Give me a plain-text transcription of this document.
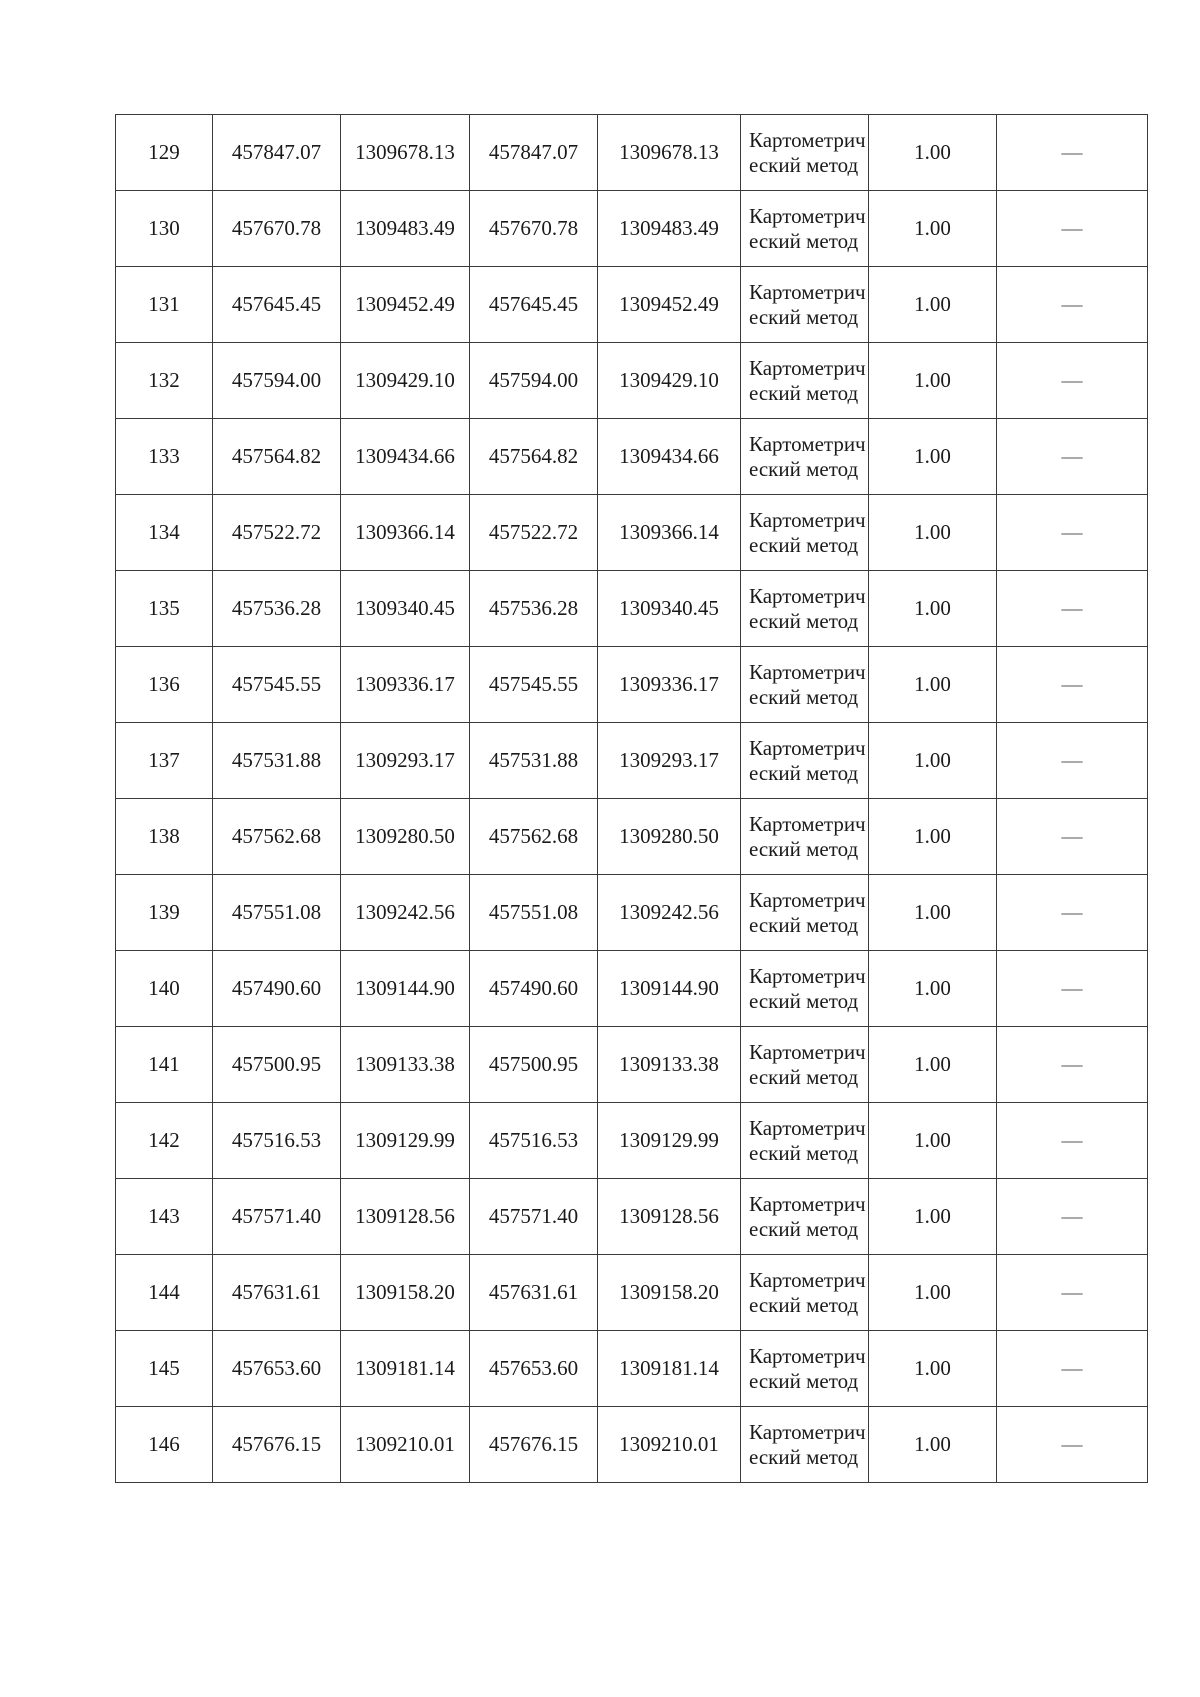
129	457847.07	1309678.13	457847.07	1309678.13	Картометрический метод	1.00	—
130	457670.78	1309483.49	457670.78	1309483.49	Картометрический метод	1.00	—
131	457645.45	1309452.49	457645.45	1309452.49	Картометрический метод	1.00	—
132	457594.00	1309429.10	457594.00	1309429.10	Картометрический метод	1.00	—
133	457564.82	1309434.66	457564.82	1309434.66	Картометрический метод	1.00	—
134	457522.72	1309366.14	457522.72	1309366.14	Картометрический метод	1.00	—
135	457536.28	1309340.45	457536.28	1309340.45	Картометрический метод	1.00	—
136	457545.55	1309336.17	457545.55	1309336.17	Картометрический метод	1.00	—
137	457531.88	1309293.17	457531.88	1309293.17	Картометрический метод	1.00	—
138	457562.68	1309280.50	457562.68	1309280.50	Картометрический метод	1.00	—
139	457551.08	1309242.56	457551.08	1309242.56	Картометрический метод	1.00	—
140	457490.60	1309144.90	457490.60	1309144.90	Картометрический метод	1.00	—
141	457500.95	1309133.38	457500.95	1309133.38	Картометрический метод	1.00	—
142	457516.53	1309129.99	457516.53	1309129.99	Картометрический метод	1.00	—
143	457571.40	1309128.56	457571.40	1309128.56	Картометрический метод	1.00	—
144	457631.61	1309158.20	457631.61	1309158.20	Картометрический метод	1.00	—
145	457653.60	1309181.14	457653.60	1309181.14	Картометрический метод	1.00	—
146	457676.15	1309210.01	457676.15	1309210.01	Картометрический метод	1.00	—
